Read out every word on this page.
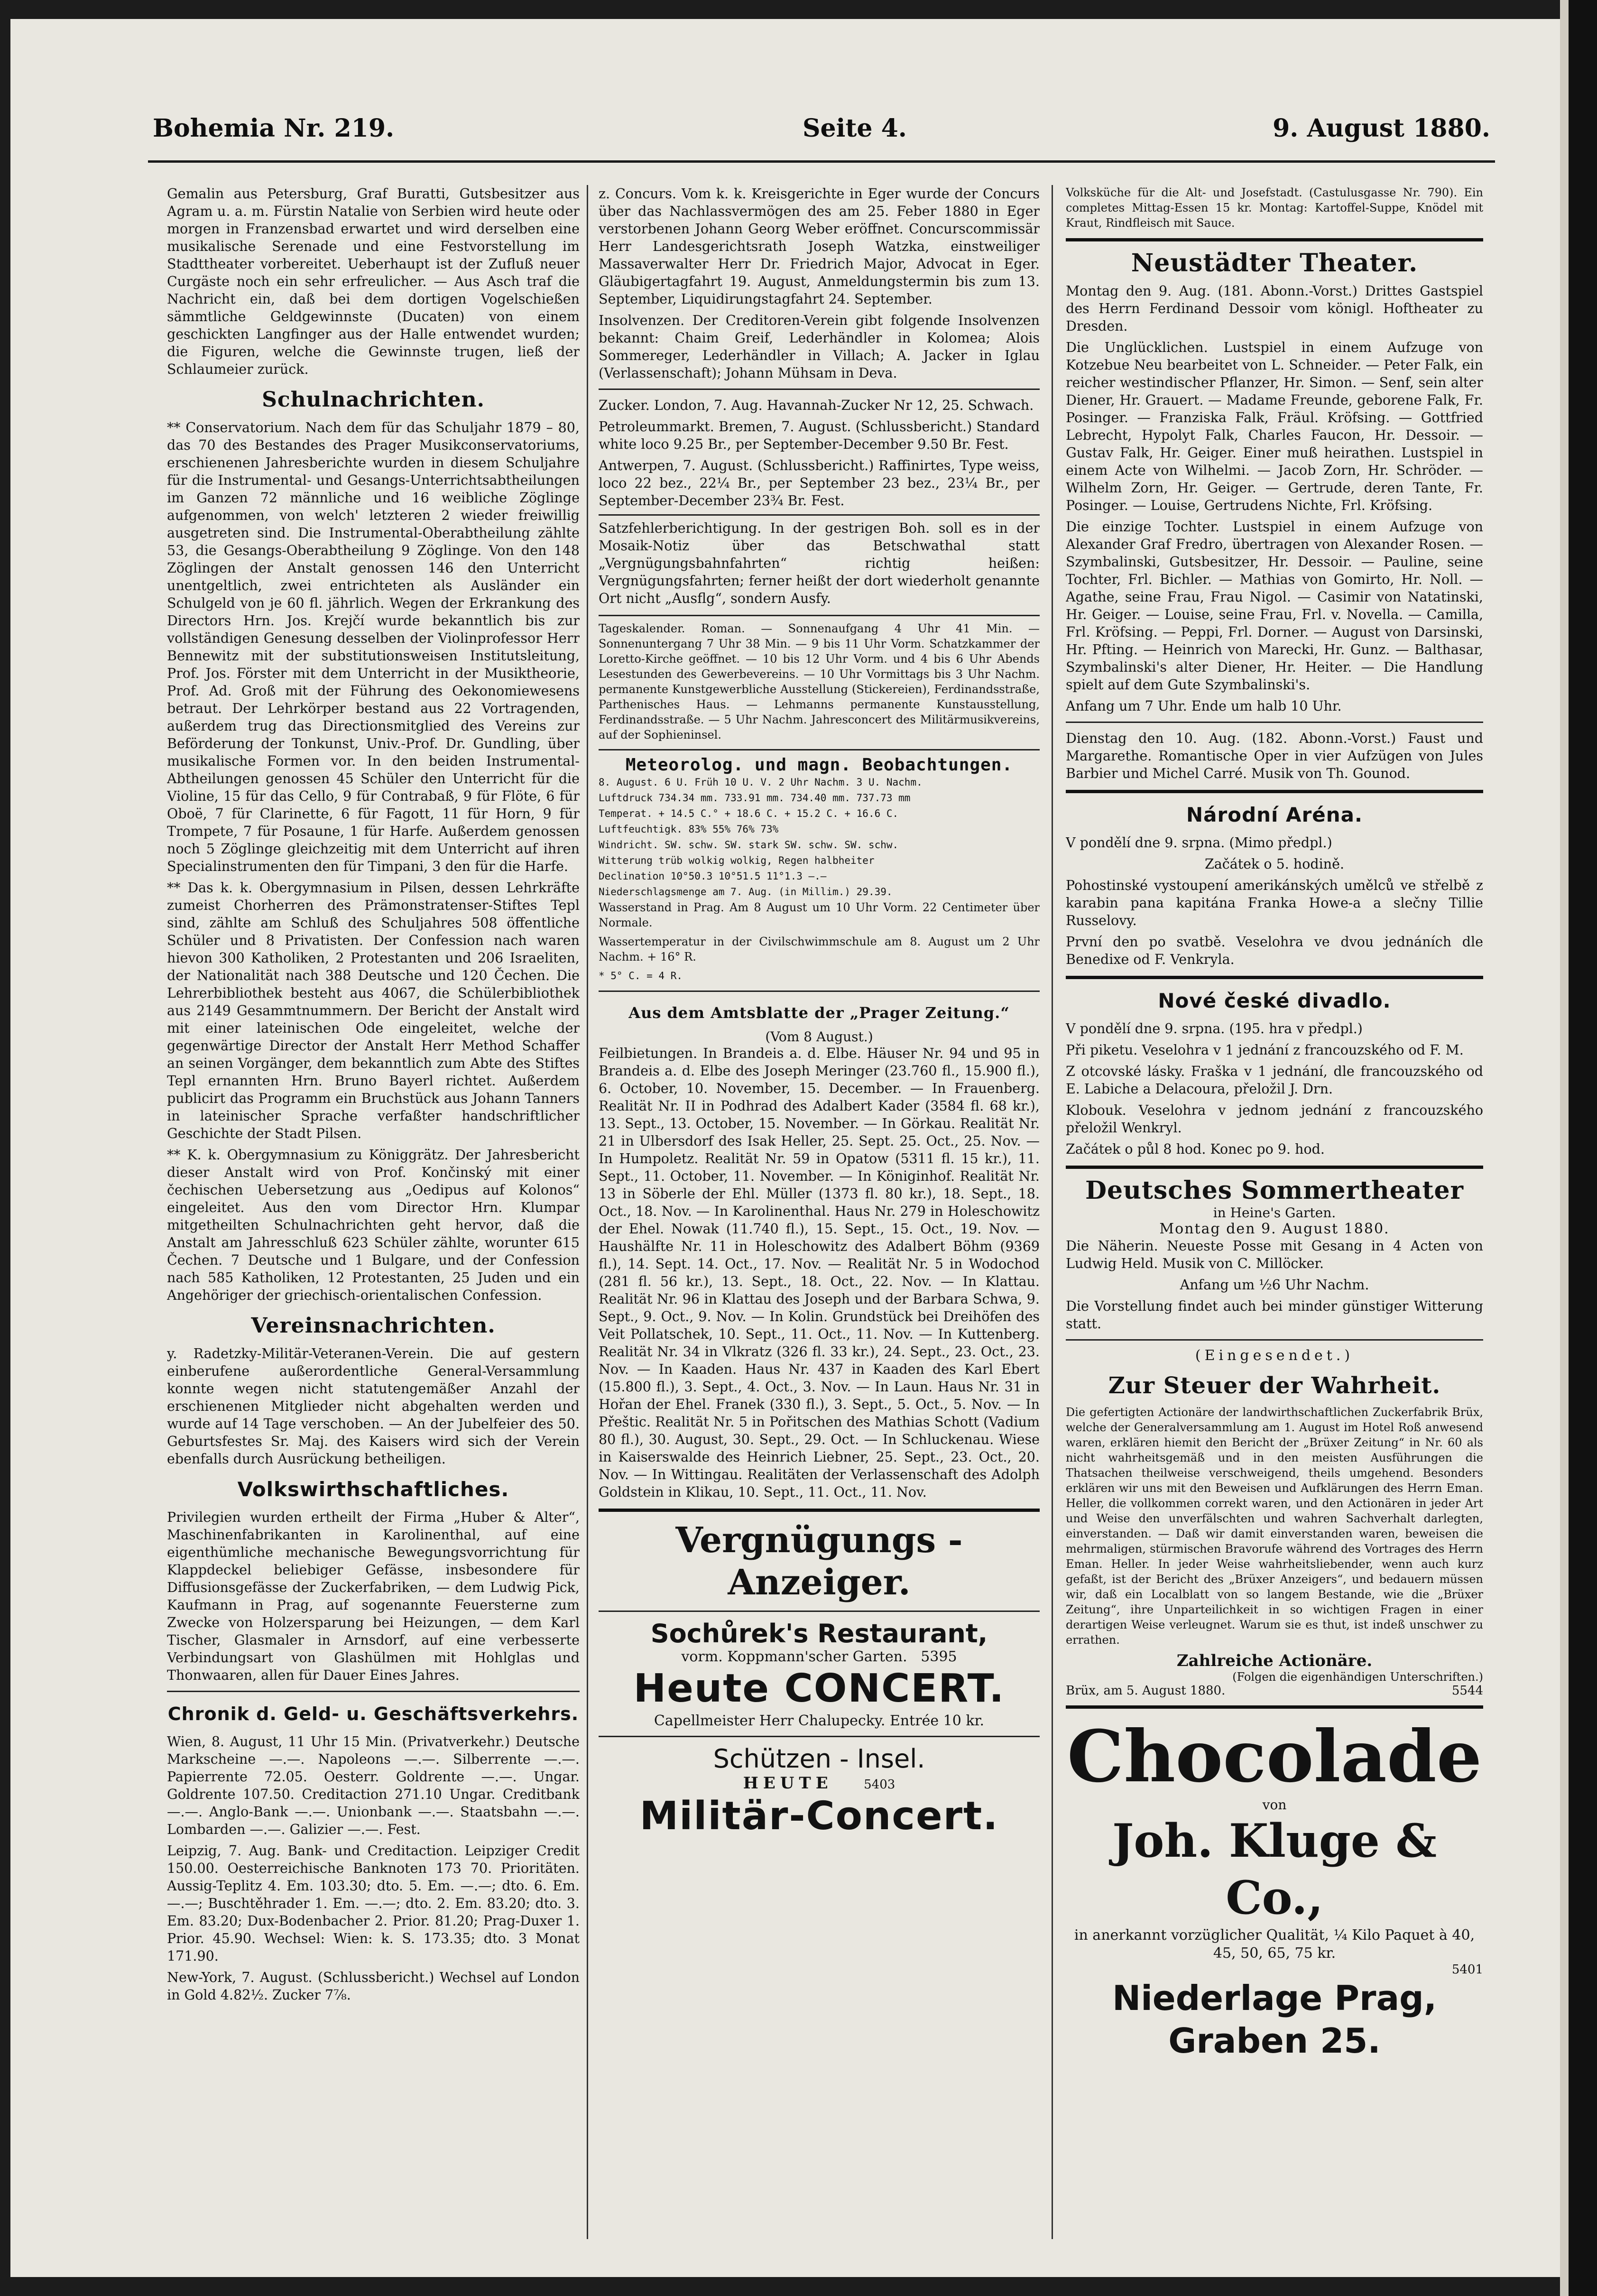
Bohemia Nr. 219.	Seite 4.	9. August 1880.

Gemalin aus Petersburg, Graf Buratti, Gutsbesitzer aus Agram u. a. m. Fürstin Natalie von Serbien wird heute oder morgen in Franzensbad erwartet und wird derselben eine musikalische Serenade und eine Festvorstellung im Stadttheater vorbereitet. Ueberhaupt ist der Zufluß neuer Curgäste noch ein sehr erfreulicher. — Aus Asch traf die Nachricht ein, daß bei dem dortigen Vogelschießen sämmtliche Geldgewinnste (Ducaten) von einem geschickten Langfinger aus der Halle entwendet wurden; die Figuren, welche die Gewinnste trugen, ließ der Schlaumeier zurück.

Schulnachrichten.

** Conservatorium. Nach dem für das Schuljahr 1879 – 80, das 70 des Bestandes des Prager Musikconservatoriums, erschienenen Jahresberichte wurden in diesem Schuljahre für die Instrumental- und Gesangs-Unterrichtsabtheilungen im Ganzen 72 männliche und 16 weibliche Zöglinge aufgenommen, von welch' letzteren 2 wieder freiwillig ausgetreten sind. Die Instrumental-Oberabtheilung zählte 53, die Gesangs-Oberabtheilung 9 Zöglinge. Von den 148 Zöglingen der Anstalt genossen 146 den Unterricht unentgeltlich, zwei entrichteten als Ausländer ein Schulgeld von je 60 fl. jährlich. Wegen der Erkrankung des Directors Hrn. Jos. Krejčí wurde bekanntlich bis zur vollständigen Genesung desselben der Violinprofessor Herr Bennewitz mit der substitutionsweisen Institutsleitung, Prof. Jos. Förster mit dem Unterricht in der Musiktheorie, Prof. Ad. Groß mit der Führung des Oekonomiewesens betraut. Der Lehrkörper bestand aus 22 Vortragenden, außerdem trug das Directionsmitglied des Vereins zur Beförderung der Tonkunst, Univ.-Prof. Dr. Gundling, über musikalische Formen vor. In den beiden Instrumental-Abtheilungen genossen 45 Schüler den Unterricht für die Violine, 15 für das Cello, 9 für Contrabaß, 9 für Flöte, 6 für Oboë, 7 für Clarinette, 6 für Fagott, 11 für Horn, 9 für Trompete, 7 für Posaune, 1 für Harfe. Außerdem genossen noch 5 Zöglinge gleichzeitig mit dem Unterricht auf ihren Specialinstrumenten den für Timpani, 3 den für die Harfe.

** Das k. k. Obergymnasium in Pilsen, dessen Lehrkräfte zumeist Chorherren des Prämonstratenser-Stiftes Tepl sind, zählte am Schluß des Schuljahres 508 öffentliche Schüler und 8 Privatisten. Der Confession nach waren hievon 300 Katholiken, 2 Protestanten und 206 Israeliten, der Nationalität nach 388 Deutsche und 120 Čechen. Die Lehrerbibliothek besteht aus 4067, die Schülerbibliothek aus 2149 Gesammtnummern. Der Bericht der Anstalt wird mit einer lateinischen Ode eingeleitet, welche der gegenwärtige Director der Anstalt Herr Method Schaffer an seinen Vorgänger, dem bekanntlich zum Abte des Stiftes Tepl ernannten Hrn. Bruno Bayerl richtet. Außerdem publicirt das Programm ein Bruchstück aus Johann Tanners in lateinischer Sprache verfaßter handschriftlicher Geschichte der Stadt Pilsen.

** K. k. Obergymnasium zu Königgrätz. Der Jahresbericht dieser Anstalt wird von Prof. Končinský mit einer čechischen Uebersetzung aus „Oedipus auf Kolonos“ eingeleitet. Aus den vom Director Hrn. Klumpar mitgetheilten Schulnachrichten geht hervor, daß die Anstalt am Jahresschluß 623 Schüler zählte, worunter 615 Čechen. 7 Deutsche und 1 Bulgare, und der Confession nach 585 Katholiken, 12 Protestanten, 25 Juden und ein Angehöriger der griechisch-orientalischen Confession.

Vereinsnachrichten.

y. Radetzky-Militär-Veteranen-Verein. Die auf gestern einberufene außerordentliche General-Versammlung konnte wegen nicht statutengemäßer Anzahl der erschienenen Mitglieder nicht abgehalten werden und wurde auf 14 Tage verschoben. — An der Jubelfeier des 50. Geburtsfestes Sr. Maj. des Kaisers wird sich der Verein ebenfalls durch Ausrückung betheiligen.

Volkswirthschaftliches.

Privilegien wurden ertheilt der Firma „Huber & Alter“, Maschinenfabrikanten in Karolinenthal, auf eine eigenthümliche mechanische Bewegungsvorrichtung für Klappdeckel beliebiger Gefässe, insbesondere für Diffusionsgefässe der Zuckerfabriken, — dem Ludwig Pick, Kaufmann in Prag, auf sogenannte Feuersterne zum Zwecke von Holzersparung bei Heizungen, — dem Karl Tischer, Glasmaler in Arnsdorf, auf eine verbesserte Verbindungsart von Glashülmen mit Hohlglas und Thonwaaren, allen für Dauer Eines Jahres.

Chronik d. Geld- u. Geschäftsverkehrs.

Wien, 8. August, 11 Uhr 15 Min. (Privatverkehr.) Deutsche Markscheine —.—. Napoleons —.—. Silberrente —.—. Papierrente 72.05. Oesterr. Goldrente —.—. Ungar. Goldrente 107.50. Creditaction 271.10 Ungar. Creditbank —.—. Anglo-Bank —.—. Unionbank —.—. Staatsbahn —.—. Lombarden —.—. Galizier —.—. Fest.

Leipzig, 7. Aug. Bank- und Creditaction. Leipziger Credit 150.00. Oesterreichische Banknoten 173 70. Prioritäten. Aussig-Teplitz 4. Em. 103.30; dto. 5. Em. —.—; dto. 6. Em. —.—; Buschtěhrader 1. Em. —.—; dto. 2. Em. 83.20; dto. 3. Em. 83.20; Dux-Bodenbacher 2. Prior. 81.20; Prag-Duxer 1. Prior. 45.90. Wechsel: Wien: k. S. 173.35; dto. 3 Monat 171.90.

New-York, 7. August. (Schlussbericht.) Wechsel auf London in Gold 4.82½. Zucker 7⅞.

z. Concurs. Vom k. k. Kreisgerichte in Eger wurde der Concurs über das Nachlassvermögen des am 25. Feber 1880 in Eger verstorbenen Johann Georg Weber eröffnet. Concurscommissär Herr Landesgerichtsrath Joseph Watzka, einstweiliger Massaverwalter Herr Dr. Friedrich Major, Advocat in Eger. Gläubigertagfahrt 19. August, Anmeldungstermin bis zum 13. September, Liquidirungstagfahrt 24. September.

Insolvenzen. Der Creditoren-Verein gibt folgende Insolvenzen bekannt: Chaim Greif, Lederhändler in Kolomea; Alois Sommereger, Lederhändler in Villach; A. Jacker in Iglau (Verlassenschaft); Johann Mühsam in Deva.

Zucker. London, 7. Aug. Havannah-Zucker Nr 12, 25. Schwach.

Petroleummarkt. Bremen, 7. August. (Schlussbericht.) Standard white loco 9.25 Br., per September-December 9.50 Br. Fest.

Antwerpen, 7. August. (Schlussbericht.) Raffinirtes, Type weiss, loco 22 bez., 22¼ Br., per September 23 bez., 23¼ Br., per September-December 23¾ Br. Fest.

Satzfehlerberichtigung. In der gestrigen Boh. soll es in der Mosaik-Notiz über das Betschwathal statt „Vergnügungsbahnfahrten“ richtig heißen: Vergnügungsfahrten; ferner heißt der dort wiederholt genannte Ort nicht „Ausflg“, sondern Ausfy.

Tageskalender. Roman. — Sonnenaufgang 4 Uhr 41 Min. — Sonnenuntergang 7 Uhr 38 Min. — 9 bis 11 Uhr Vorm. Schatzkammer der Loretto-Kirche geöffnet. — 10 bis 12 Uhr Vorm. und 4 bis 6 Uhr Abends Lesestunden des Gewerbevereins. — 10 Uhr Vormittags bis 3 Uhr Nachm. permanente Kunstgewerbliche Ausstellung (Stickereien), Ferdinandsstraße, Parthenisches Haus. — Lehmanns permanente Kunstausstellung, Ferdinandsstraße. — 5 Uhr Nachm. Jahresconcert des Militärmusikvereins, auf der Sophieninsel.

Meteorolog. und magn. Beobachtungen.
8. August. 6 U. Früh 10 U. V. 2 Uhr Nachm. 3 U. Nachm.
Luftdruck 734.34 mm. 733.91 mm. 734.40 mm. 737.73 mm
Temperat. + 14.5 C.° + 18.6 C. + 15.2 C. + 16.6 C.
Luftfeuchtigk. 83% 55% 76% 73%
Windricht. SW. schw. SW. stark SW. schw. SW. schw.
Witterung trüb wolkig wolkig, Regen halbheiter
Declination 10°50.3 10°51.5 11°1.3 —.—
Niederschlagsmenge am 7. Aug. (in Millim.) 29.39.

Wasserstand in Prag. Am 8 August um 10 Uhr Vorm. 22 Centimeter über Normale.

Wassertemperatur in der Civilschwimmschule am 8. August um 2 Uhr Nachm. + 16° R.

* 5° C. = 4 R.
Aus dem Amtsblatte der „Prager Zeitung.“
(Vom 8 August.)

Feilbietungen. In Brandeis a. d. Elbe. Häuser Nr. 94 und 95 in Brandeis a. d. Elbe des Joseph Meringer (23.760 fl., 15.900 fl.), 6. October, 10. November, 15. December. — In Frauenberg. Realität Nr. II in Podhrad des Adalbert Kader (3584 fl. 68 kr.), 13. Sept., 13. October, 15. November. — In Görkau. Realität Nr. 21 in Ulbersdorf des Isak Heller, 25. Sept. 25. Oct., 25. Nov. — In Humpoletz. Realität Nr. 59 in Opatow (5311 fl. 15 kr.), 11. Sept., 11. October, 11. November. — In Königinhof. Realität Nr. 13 in Söberle der Ehl. Müller (1373 fl. 80 kr.), 18. Sept., 18. Oct., 18. Nov. — In Karolinenthal. Haus Nr. 279 in Holeschowitz der Ehel. Nowak (11.740 fl.), 15. Sept., 15. Oct., 19. Nov. — Haushälfte Nr. 11 in Holeschowitz des Adalbert Böhm (9369 fl.), 14. Sept. 14. Oct., 17. Nov. — Realität Nr. 5 in Wodochod (281 fl. 56 kr.), 13. Sept., 18. Oct., 22. Nov. — In Klattau. Realität Nr. 96 in Klattau des Joseph und der Barbara Schwa, 9. Sept., 9. Oct., 9. Nov. — In Kolin. Grundstück bei Dreihöfen des Veit Pollatschek, 10. Sept., 11. Oct., 11. Nov. — In Kuttenberg. Realität Nr. 34 in Vlkratz (326 fl. 33 kr.), 24. Sept., 23. Oct., 23. Nov. — In Kaaden. Haus Nr. 437 in Kaaden des Karl Ebert (15.800 fl.), 3. Sept., 4. Oct., 3. Nov. — In Laun. Haus Nr. 31 in Hořan der Ehel. Franek (330 fl.), 3. Sept., 5. Oct., 5. Nov. — In Přeštic. Realität Nr. 5 in Pořitschen des Mathias Schott (Vadium 80 fl.), 30. August, 30. Sept., 29. Oct. — In Schluckenau. Wiese in Kaiserswalde des Heinrich Liebner, 25. Sept., 23. Oct., 20. Nov. — In Wittingau. Realitäten der Verlassenschaft des Adolph Goldstein in Klikau, 10. Sept., 11. Oct., 11. Nov.

Vergnügungs - Anzeiger.
Sochůrek's Restaurant,
vorm. Koppmann'scher Garten. 5395
Heute CONCERT.
Capellmeister Herr Chalupecky. Entrée 10 kr.
Schützen - Insel.
HEUTE	5403
Militär-Concert.

Volksküche für die Alt- und Josefstadt. (Castulusgasse Nr. 790). Ein completes Mittag-Essen 15 kr. Montag: Kartoffel-Suppe, Knödel mit Kraut, Rindfleisch mit Sauce.

Neustädter Theater.

Montag den 9. Aug. (181. Abonn.-Vorst.) Drittes Gastspiel des Herrn Ferdinand Dessoir vom königl. Hoftheater zu Dresden.

Die Unglücklichen. Lustspiel in einem Aufzuge von Kotzebue Neu bearbeitet von L. Schneider. — Peter Falk, ein reicher westindischer Pflanzer, Hr. Simon. — Senf, sein alter Diener, Hr. Grauert. — Madame Freunde, geborene Falk, Fr. Posinger. — Franziska Falk, Fräul. Kröfsing. — Gottfried Lebrecht, Hypolyt Falk, Charles Faucon, Hr. Dessoir. — Gustav Falk, Hr. Geiger. Einer muß heirathen. Lustspiel in einem Acte von Wilhelmi. — Jacob Zorn, Hr. Schröder. — Wilhelm Zorn, Hr. Geiger. — Gertrude, deren Tante, Fr. Posinger. — Louise, Gertrudens Nichte, Frl. Kröfsing.

Die einzige Tochter. Lustspiel in einem Aufzuge von Alexander Graf Fredro, übertragen von Alexander Rosen. — Szymbalinski, Gutsbesitzer, Hr. Dessoir. — Pauline, seine Tochter, Frl. Bichler. — Mathias von Gomirto, Hr. Noll. — Agathe, seine Frau, Frau Nigol. — Casimir von Natatinski, Hr. Geiger. — Louise, seine Frau, Frl. v. Novella. — Camilla, Frl. Kröfsing. — Peppi, Frl. Dorner. — August von Darsinski, Hr. Pfting. — Heinrich von Marecki, Hr. Gunz. — Balthasar, Szymbalinski's alter Diener, Hr. Heiter. — Die Handlung spielt auf dem Gute Szymbalinski's.

Anfang um 7 Uhr. Ende um halb 10 Uhr.

Dienstag den 10. Aug. (182. Abonn.-Vorst.) Faust und Margarethe. Romantische Oper in vier Aufzügen von Jules Barbier und Michel Carré. Musik von Th. Gounod.

Národní Aréna.

V pondělí dne 9. srpna. (Mimo předpl.)

Začátek o 5. hodině.

Pohostinské vystoupení amerikánských umělců ve střelbě z karabin pana kapitána Franka Howe-a a slečny Tillie Russelovy.

První den po svatbě. Veselohra ve dvou jednáních dle Benedixe od F. Venkryla.

Nové české divadlo.

V pondělí dne 9. srpna. (195. hra v předpl.)

Při piketu. Veselohra v 1 jednání z francouzského od F. M.

Z otcovské lásky. Fraška v 1 jednání, dle francouzského od E. Labiche a Delacoura, přeložil J. Drn.

Klobouk. Veselohra v jednom jednání z francouzského přeložil Wenkryl.

Začátek o půl 8 hod. Konec po 9. hod.

Deutsches Sommertheater
in Heine's Garten.
Montag den 9. August 1880.

Die Näherin. Neueste Posse mit Gesang in 4 Acten von Ludwig Held. Musik von C. Millöcker.

Anfang um ½6 Uhr Nachm.

Die Vorstellung findet auch bei minder günstiger Witterung statt.

(Eingesendet.)
Zur Steuer der Wahrheit.

Die gefertigten Actionäre der landwirthschaftlichen Zuckerfabrik Brüx, welche der Generalversammlung am 1. August im Hotel Roß anwesend waren, erklären hiemit den Bericht der „Brüxer Zeitung“ in Nr. 60 als nicht wahrheitsgemäß und in den meisten Ausführungen die Thatsachen theilweise verschweigend, theils umgehend. Besonders erklären wir uns mit den Beweisen und Aufklärungen des Herrn Eman. Heller, die vollkommen correkt waren, und den Actionären in jeder Art und Weise den unverfälschten und wahren Sachverhalt darlegten, einverstanden. — Daß wir damit einverstanden waren, beweisen die mehrmaligen, stürmischen Bravorufe während des Vortrages des Herrn Eman. Heller. In jeder Weise wahrheitsliebender, wenn auch kurz gefaßt, ist der Bericht des „Brüxer Anzeigers“, und bedauern müssen wir, daß ein Localblatt von so langem Bestande, wie die „Brüxer Zeitung“, ihre Unparteilichkeit in so wichtigen Fragen in einer derartigen Weise verleugnet. Warum sie es thut, ist indeß unschwer zu errathen.

Zahlreiche Actionäre.
(Folgen die eigenhändigen Unterschriften.)
Brüx, am 5. August 1880.	5544
Chocolade
von
Joh. Kluge & Co.,
in anerkannt vorzüglicher Qualität, ¼ Kilo Paquet à 40, 45, 50, 65, 75 kr.
5401
Niederlage Prag, Graben 25.
